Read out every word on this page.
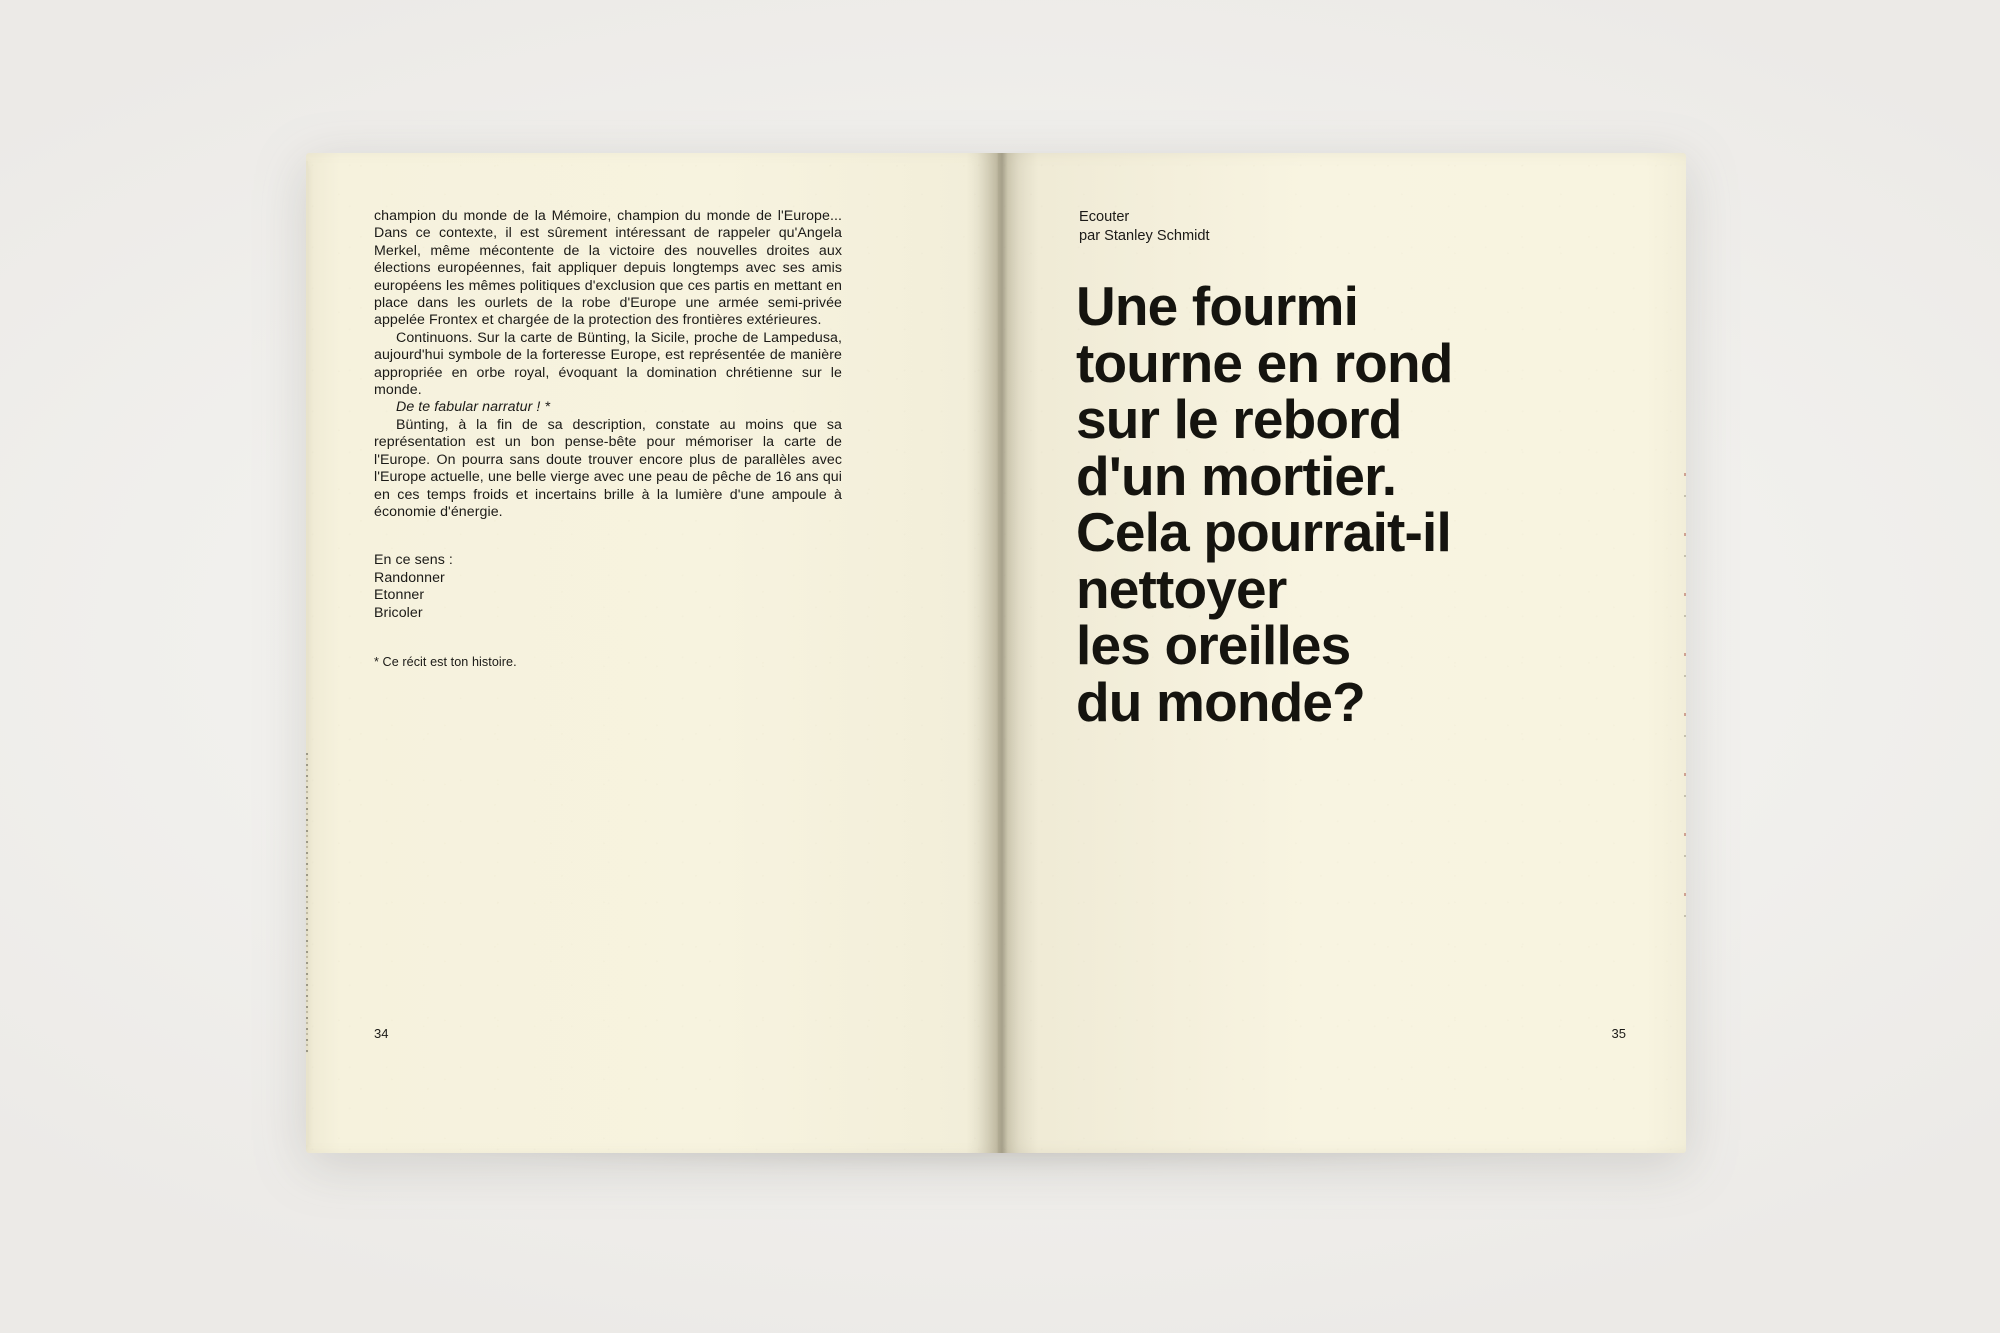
champion du monde de la Mémoire, champion du monde de l'Europe... Dans ce contexte, il est sûrement intéressant de rappeler qu'Angela Merkel, même mécontente de la victoire des nouvelles droites aux élections européennes, fait appliquer depuis longtemps avec ses amis européens les mêmes politiques d'exclusion que ces partis en mettant en place dans les ourlets de la robe d'Europe une armée semi-privée appelée Frontex et chargée de la protection des frontières extérieures.

Continuons. Sur la carte de Bünting, la Sicile, proche de Lampedusa, aujourd'hui symbole de la forteresse Europe, est représentée de manière appropriée en orbe royal, évoquant la domination chrétienne sur le monde.

De te fabular narratur ! *

Bünting, à la fin de sa description, constate au moins que sa représentation est un bon pense-bête pour mémoriser la carte de l'Europe. On pourra sans doute trouver encore plus de parallèles avec l'Europe actuelle, une belle vierge avec une peau de pêche de 16 ans qui en ces temps froids et incertains brille à la lumière d'une ampoule à économie d'énergie.

En ce sens :
Randonner
Etonner
Bricoler
* Ce récit est ton histoire.
34
Ecouter
par Stanley Schmidt
Une fourmi
tourne en rond
sur le rebord
d'un mortier.
Cela pourrait-il
nettoyer
les oreilles
du monde?
35
